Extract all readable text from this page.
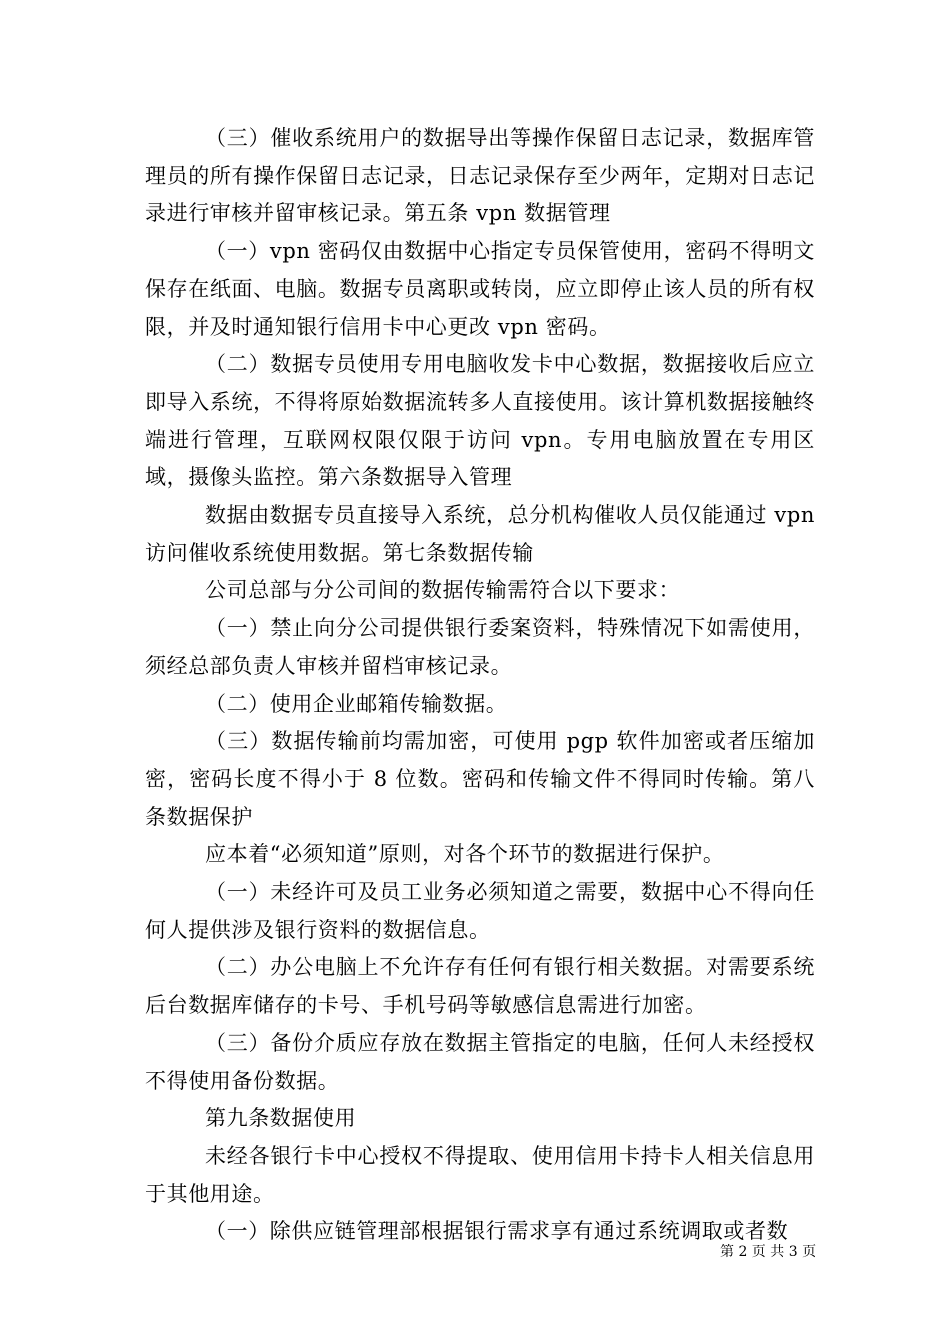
（三）催收系统用户的数据导出等操作保留日志记录，数据库管理员的所有操作保留日志记录，日志记录保存至少两年，定期对日志记录进行审核并留审核记录。第五条 vpn 数据管理

（一）vpn 密码仅由数据中心指定专员保管使用，密码不得明文保存在纸面、电脑。数据专员离职或转岗，应立即停止该人员的所有权限，并及时通知银行信用卡中心更改 vpn 密码。

（二）数据专员使用专用电脑收发卡中心数据，数据接收后应立即导入系统，不得将原始数据流转多人直接使用。该计算机数据接触终端进行管理，互联网权限仅限于访问 vpn。专用电脑放置在专用区域，摄像头监控。第六条数据导入管理

数据由数据专员直接导入系统，总分机构催收人员仅能通过 vpn 访问催收系统使用数据。第七条数据传输

公司总部与分公司间的数据传输需符合以下要求：

（一）禁止向分公司提供银行委案资料，特殊情况下如需使用，须经总部负责人审核并留档审核记录。

（二）使用企业邮箱传输数据。

（三）数据传输前均需加密，可使用 pgp 软件加密或者压缩加密，密码长度不得小于 8 位数。密码和传输文件不得同时传输。第八条数据保护

应本着“必须知道”原则，对各个环节的数据进行保护。

（一）未经许可及员工业务必须知道之需要，数据中心不得向任何人提供涉及银行资料的数据信息。

（二）办公电脑上不允许存有任何有银行相关数据。对需要系统后台数据库储存的卡号、手机号码等敏感信息需进行加密。

（三）备份介质应存放在数据主管指定的电脑，任何人未经授权不得使用备份数据。

第九条数据使用

未经各银行卡中心授权不得提取、使用信用卡持卡人相关信息用于其他用途。

（一）除供应链管理部根据银行需求享有通过系统调取或者数

第 2 页 共 3 页
